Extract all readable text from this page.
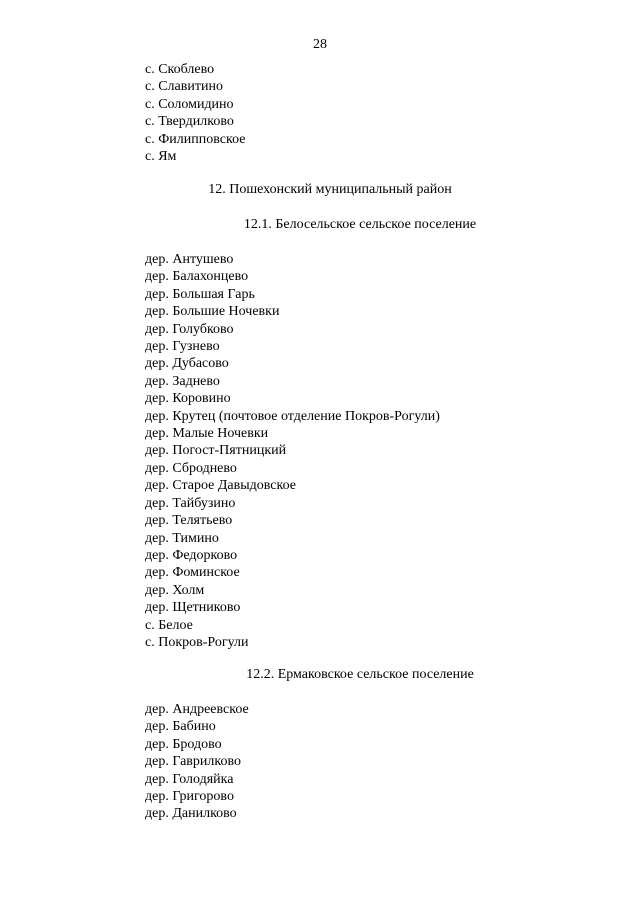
28
с. Скоблево
с. Славитино
с. Соломидино
с. Твердилково
с. Филипповское
с. Ям
12. Пошехонский муниципальный район
12.1. Белосельское сельское поселение
дер. Антушево
дер. Балахонцево
дер. Большая Гарь
дер. Большие Ночевки
дер. Голубково
дер. Гузнево
дер. Дубасово
дер. Заднево
дер. Коровино
дер. Крутец (почтовое отделение Покров-Рогули)
дер. Малые Ночевки
дер. Погост-Пятницкий
дер. Сброднево
дер. Старое Давыдовское
дер. Тайбузино
дер. Телятьево
дер. Тимино
дер. Федорково
дер. Фоминское
дер. Холм
дер. Щетниково
с. Белое
с. Покров-Рогули
12.2. Ермаковское сельское поселение
дер. Андреевское
дер. Бабино
дер. Бродово
дер. Гаврилково
дер. Голодяйка
дер. Григорово
дер. Данилково
